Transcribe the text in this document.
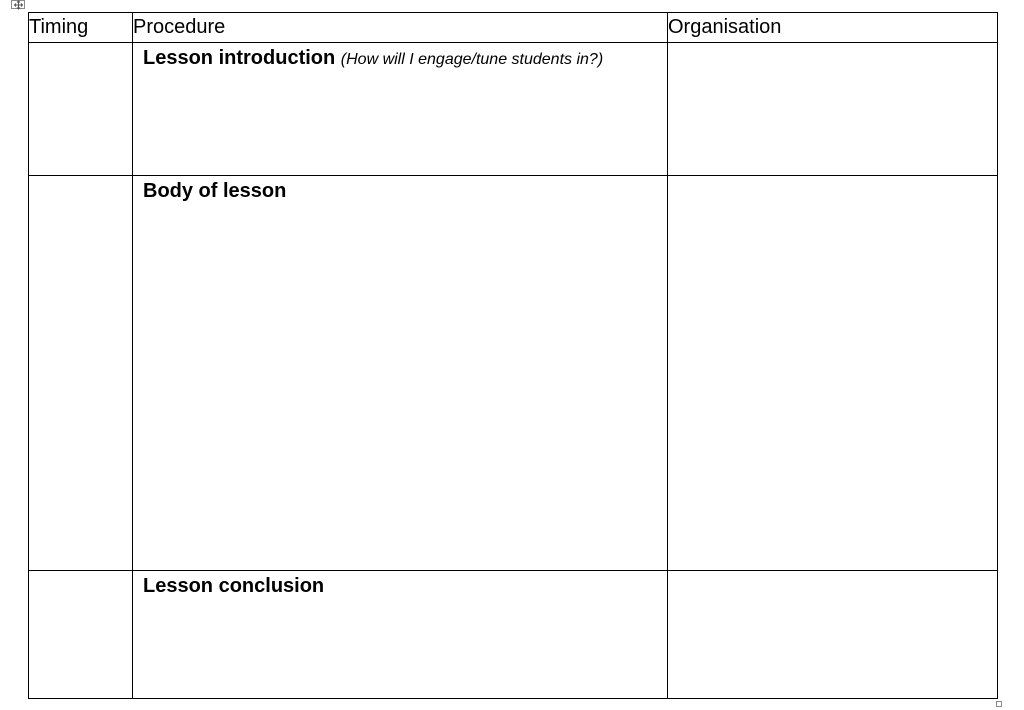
Timing	Procedure	Organisation

	Lesson introduction (How will I engage/tune students in?)	

	Body of lesson	

	Lesson conclusion	
